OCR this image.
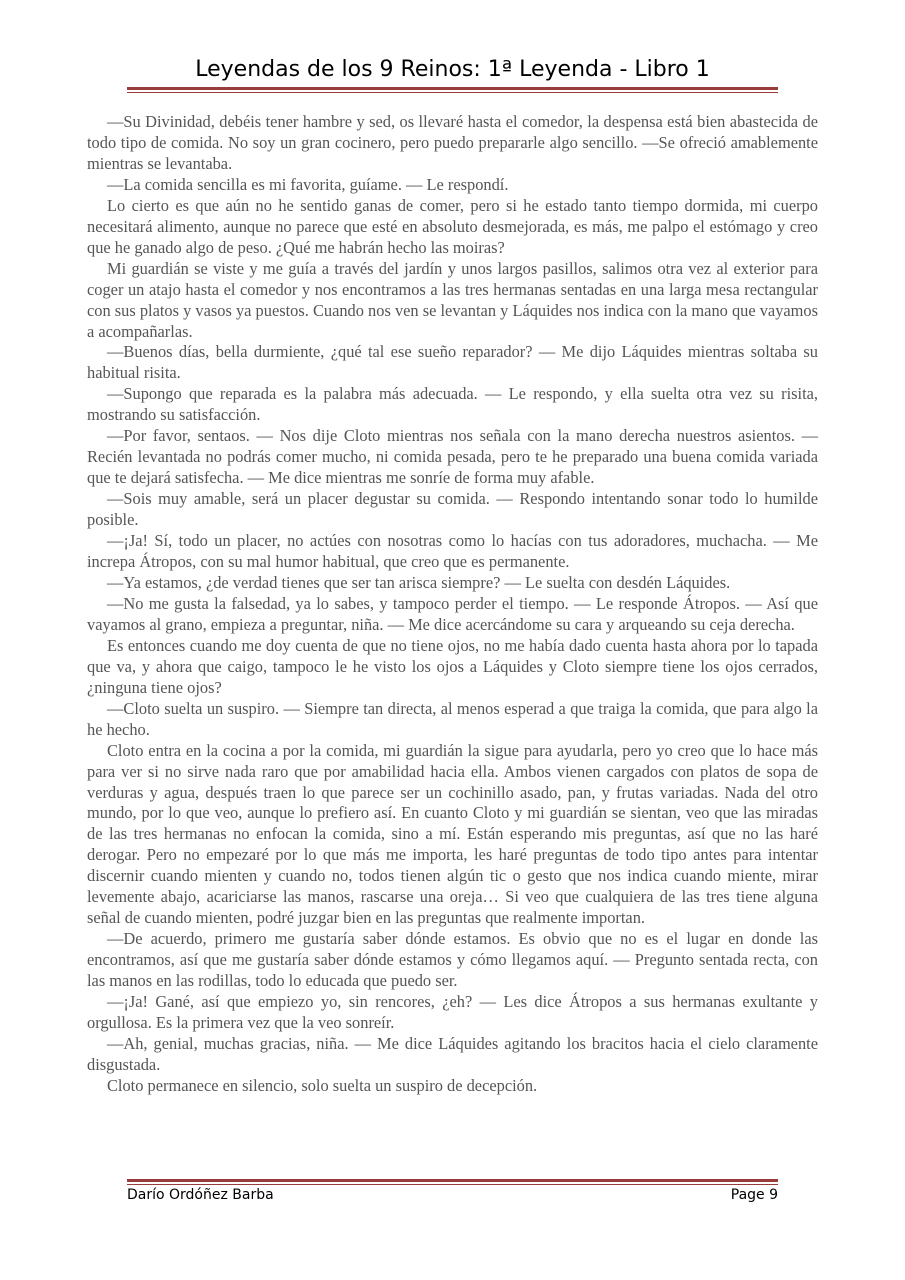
Leyendas de los 9 Reinos: 1ª Leyenda - Libro 1

—Su Divinidad, debéis tener hambre y sed, os llevaré hasta el comedor, la despensa está bien abastecida de todo tipo de comida. No soy un gran cocinero, pero puedo prepararle algo sencillo. —Se ofreció amablemente mientras se levantaba.

—La comida sencilla es mi favorita, guíame. — Le respondí.

Lo cierto es que aún no he sentido ganas de comer, pero si he estado tanto tiempo dormida, mi cuerpo necesitará alimento, aunque no parece que esté en absoluto desmejorada, es más, me palpo el estómago y creo que he ganado algo de peso. ¿Qué me habrán hecho las moiras?

Mi guardián se viste y me guía a través del jardín y unos largos pasillos, salimos otra vez al exterior para coger un atajo hasta el comedor y nos encontramos a las tres hermanas sentadas en una larga mesa rectangular con sus platos y vasos ya puestos. Cuando nos ven se levantan y Láquides nos indica con la mano que vayamos a acompañarlas.

—Buenos días, bella durmiente, ¿qué tal ese sueño reparador? — Me dijo Láquides mientras soltaba su habitual risita.

—Supongo que reparada es la palabra más adecuada. — Le respondo, y ella suelta otra vez su risita, mostrando su satisfacción.

—Por favor, sentaos. — Nos dije Cloto mientras nos señala con la mano derecha nuestros asientos. — Recién levantada no podrás comer mucho, ni comida pesada, pero te he preparado una buena comida variada que te dejará satisfecha. — Me dice mientras me sonríe de forma muy afable.

—Sois muy amable, será un placer degustar su comida. — Respondo intentando sonar todo lo humilde posible.

—¡Ja! Sí, todo un placer, no actúes con nosotras como lo hacías con tus adoradores, muchacha. — Me increpa Átropos, con su mal humor habitual, que creo que es permanente.

—Ya estamos, ¿de verdad tienes que ser tan arisca siempre? — Le suelta con desdén Láquides.

—No me gusta la falsedad, ya lo sabes, y tampoco perder el tiempo. — Le responde Átropos. — Así que vayamos al grano, empieza a preguntar, niña. — Me dice acercándome su cara y arqueando su ceja derecha.

Es entonces cuando me doy cuenta de que no tiene ojos, no me había dado cuenta hasta ahora por lo tapada que va, y ahora que caigo, tampoco le he visto los ojos a Láquides y Cloto siempre tiene los ojos cerrados, ¿ninguna tiene ojos?

—Cloto suelta un suspiro. — Siempre tan directa, al menos esperad a que traiga la comida, que para algo la he hecho.

Cloto entra en la cocina a por la comida, mi guardián la sigue para ayudarla, pero yo creo que lo hace más para ver si no sirve nada raro que por amabilidad hacia ella. Ambos vienen cargados con platos de sopa de verduras y agua, después traen lo que parece ser un cochinillo asado, pan, y frutas variadas. Nada del otro mundo, por lo que veo, aunque lo prefiero así. En cuanto Cloto y mi guardián se sientan, veo que las miradas de las tres hermanas no enfocan la comida, sino a mí. Están esperando mis preguntas, así que no las haré derogar. Pero no empezaré por lo que más me importa, les haré preguntas de todo tipo antes para intentar discernir cuando mienten y cuando no, todos tienen algún tic o gesto que nos indica cuando miente, mirar levemente abajo, acariciarse las manos, rascarse una oreja… Si veo que cualquiera de las tres tiene alguna señal de cuando mienten, podré juzgar bien en las preguntas que realmente importan.

—De acuerdo, primero me gustaría saber dónde estamos. Es obvio que no es el lugar en donde las encontramos, así que me gustaría saber dónde estamos y cómo llegamos aquí. — Pregunto sentada recta, con las manos en las rodillas, todo lo educada que puedo ser.

—¡Ja! Gané, así que empiezo yo, sin rencores, ¿eh? — Les dice Átropos a sus hermanas exultante y orgullosa. Es la primera vez que la veo sonreír.

—Ah, genial, muchas gracias, niña. — Me dice Láquides agitando los bracitos hacia el cielo claramente disgustada.

Cloto permanece en silencio, solo suelta un suspiro de decepción.

Darío Ordóñez Barba	Page 9
